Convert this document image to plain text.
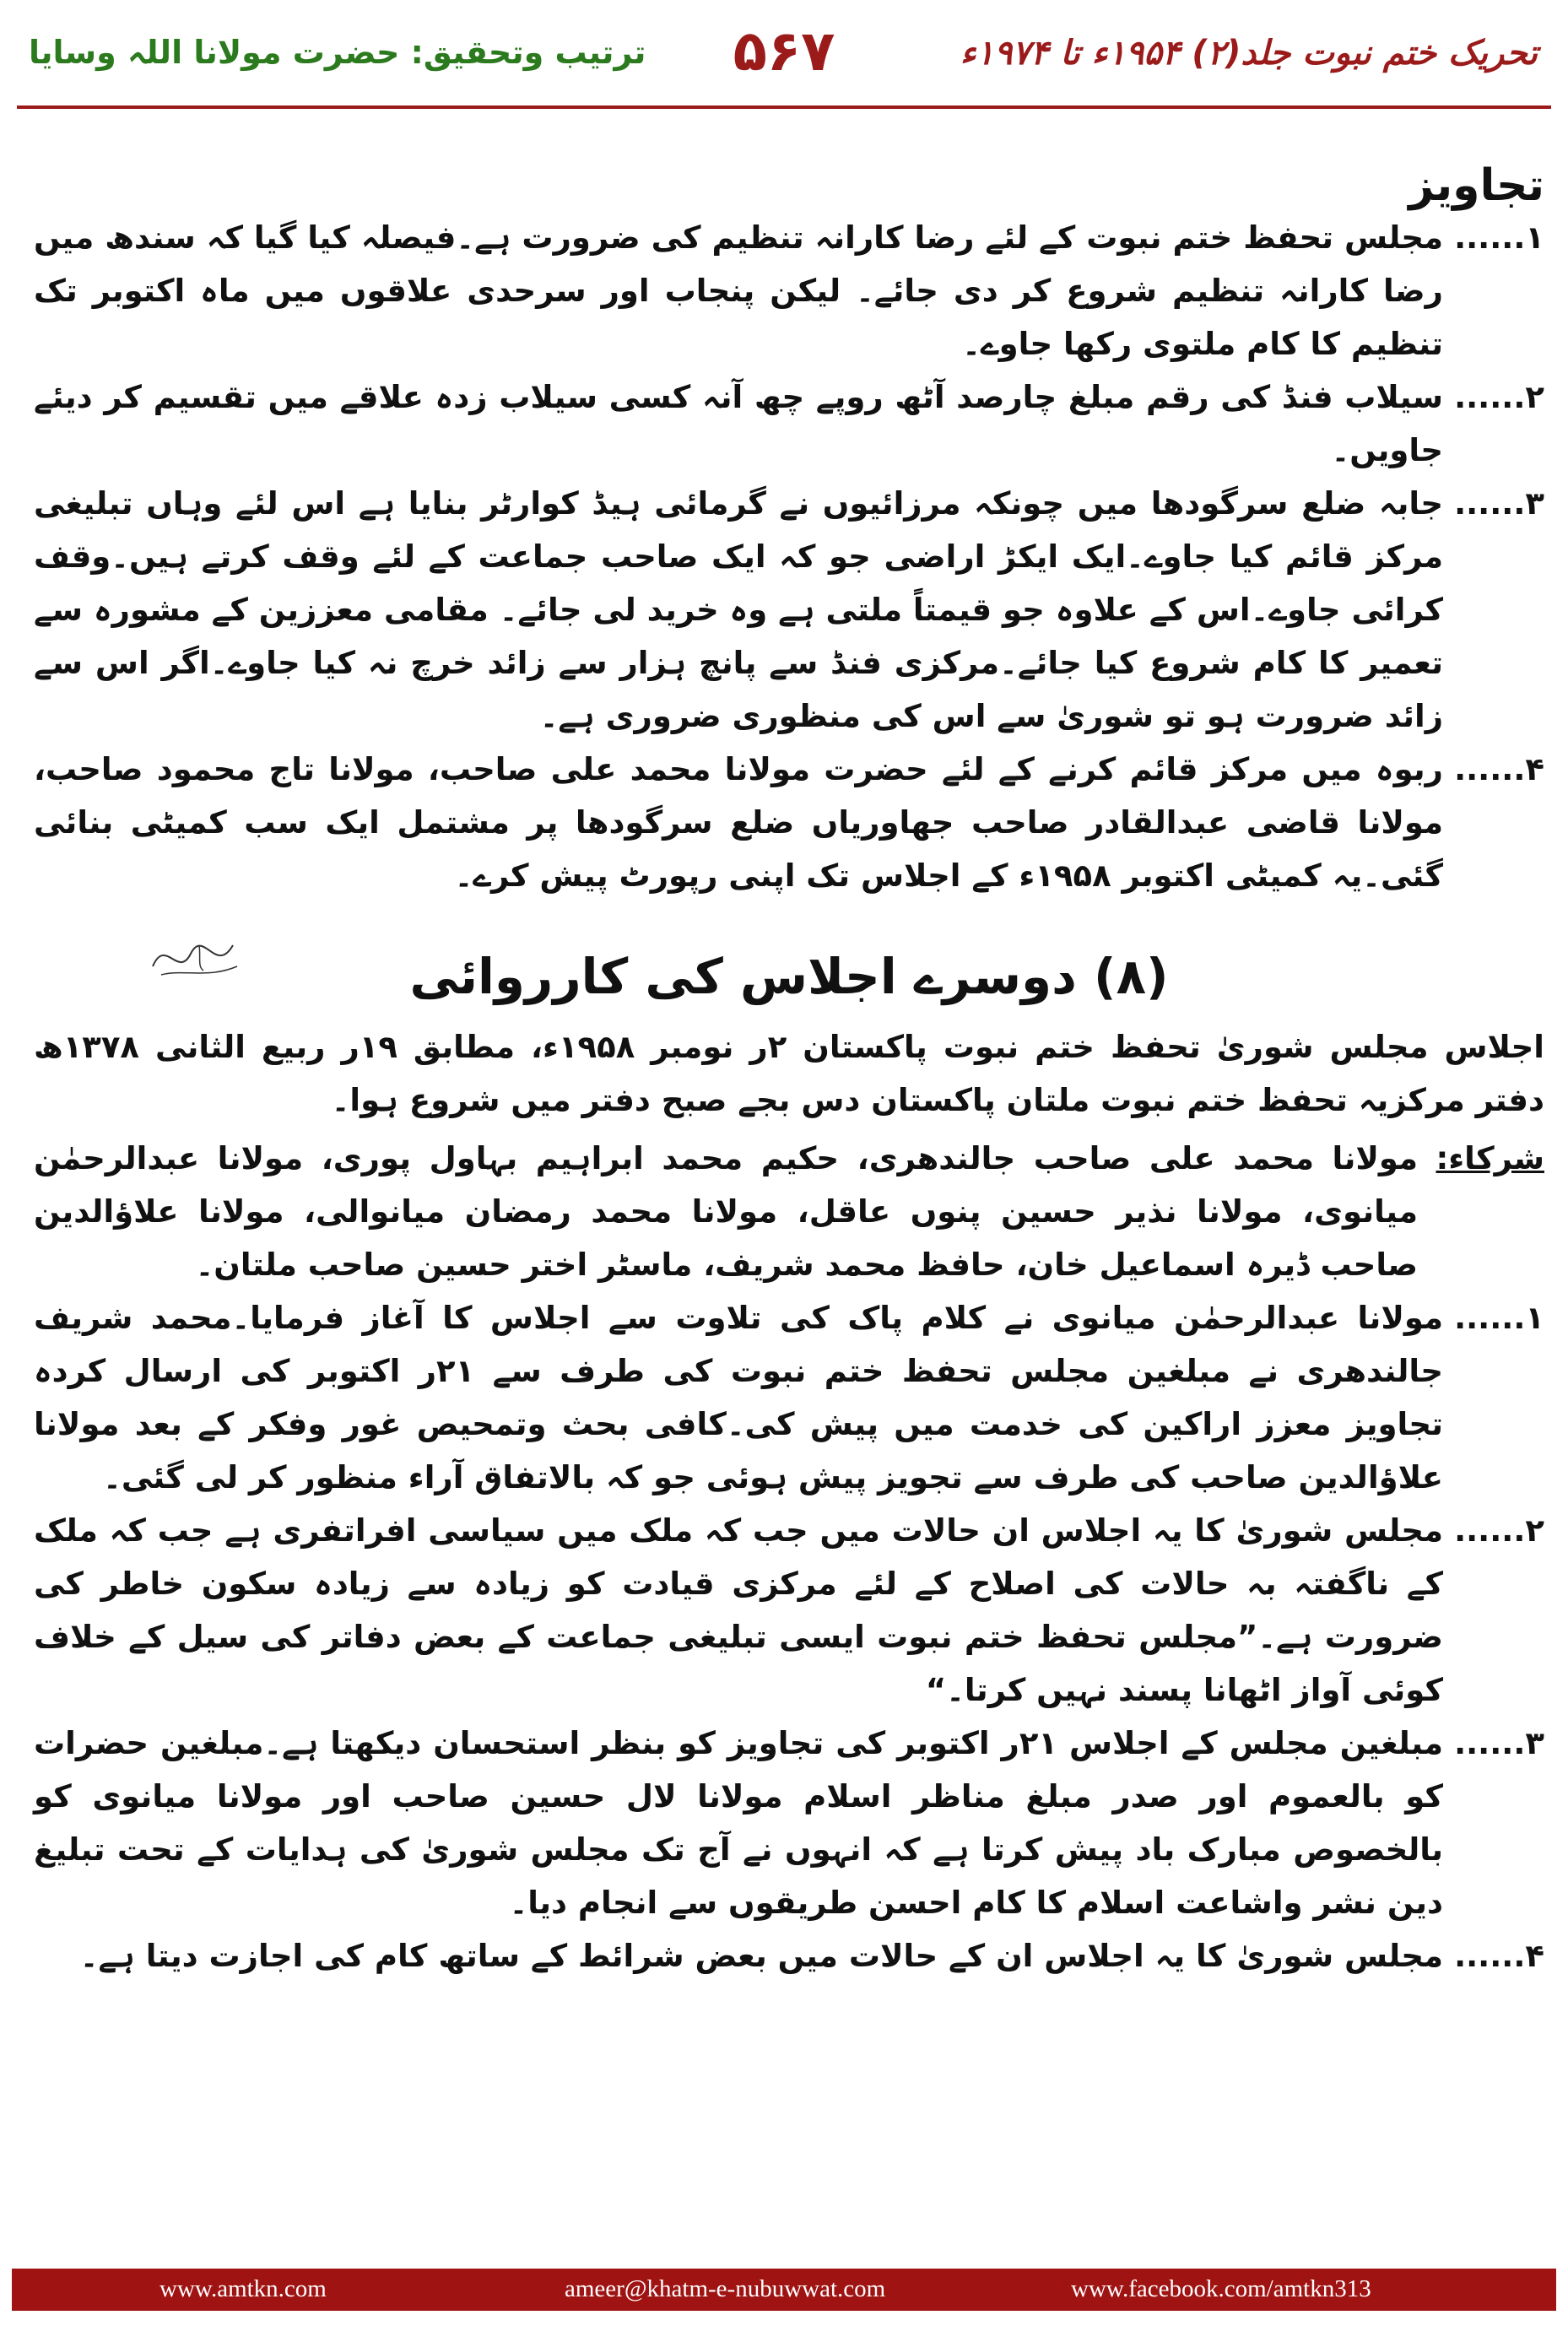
تحریک ختم نبوت جلد(۲) ۱۹۵۴ء تا ۱۹۷۴ء
۵۶۷
ترتیب وتحقیق: حضرت مولانا اللہ وسایا
تجاویز
۱......
مجلس تحفظ ختم نبوت کے لئے رضا کارانہ تنظیم کی ضرورت ہے۔فیصلہ کیا گیا کہ سندھ میں رضا کارانہ تنظیم شروع کر دی جائے۔ لیکن پنجاب اور سرحدی علاقوں میں ماہ اکتوبر تک تنظیم کا کام ملتوی رکھا جاوے۔
۲......
سیلاب فنڈ کی رقم مبلغ چارصد آٹھ روپے چھ آنہ کسی سیلاب زدہ علاقے میں تقسیم کر دیئے جاویں۔
۳......
جابہ ضلع سرگودھا میں چونکہ مرزائیوں نے گرمائی ہیڈ کوارٹر بنایا ہے اس لئے وہاں تبلیغی مرکز قائم کیا جاوے۔ایک ایکڑ اراضی جو کہ ایک صاحب جماعت کے لئے وقف کرتے ہیں۔وقف کرائی جاوے۔اس کے علاوہ جو قیمتاً ملتی ہے وہ خرید لی جائے۔ مقامی معززین کے مشورہ سے تعمیر کا کام شروع کیا جائے۔مرکزی فنڈ سے پانچ ہزار سے زائد خرچ نہ کیا جاوے۔اگر اس سے زائد ضرورت ہو تو شوریٰ سے اس کی منظوری ضروری ہے۔
۴......
ربوہ میں مرکز قائم کرنے کے لئے حضرت مولانا محمد علی صاحب، مولانا تاج محمود صاحب، مولانا قاضی عبدالقادر صاحب جھاوریاں ضلع سرگودھا پر مشتمل ایک سب کمیٹی بنائی گئی۔یہ کمیٹی اکتوبر ۱۹۵۸ء کے اجلاس تک اپنی رپورٹ پیش کرے۔
(۸) دوسرے اجلاس کی کارروائی
اجلاس مجلس شوریٰ تحفظ ختم نبوت پاکستان ۲ر نومبر ۱۹۵۸ء، مطابق ۱۹ر ربیع الثانی ۱۳۷۸ھ دفتر مرکزیہ تحفظ ختم نبوت ملتان پاکستان دس بجے صبح دفتر میں شروع ہوا۔
شرکاء:
مولانا محمد علی صاحب جالندھری، حکیم محمد ابراہیم بہاول پوری، مولانا عبدالرحمٰن میانوی، مولانا نذیر حسین پنوں عاقل، مولانا محمد رمضان میانوالی، مولانا علاؤالدین صاحب ڈیرہ اسماعیل خان، حافظ محمد شریف، ماسٹر اختر حسین صاحب ملتان۔
۱......
مولانا عبدالرحمٰن میانوی نے کلام پاک کی تلاوت سے اجلاس کا آغاز فرمایا۔محمد شریف جالندھری نے مبلغین مجلس تحفظ ختم نبوت کی طرف سے ۲۱ر اکتوبر کی ارسال کردہ تجاویز معزز اراکین کی خدمت میں پیش کی۔کافی بحث وتمحیص غور وفکر کے بعد مولانا علاؤالدین صاحب کی طرف سے تجویز پیش ہوئی جو کہ بالاتفاق آراء منظور کر لی گئی۔
۲......
مجلس شوریٰ کا یہ اجلاس ان حالات میں جب کہ ملک میں سیاسی افراتفری ہے جب کہ ملک کے ناگفتہ بہ حالات کی اصلاح کے لئے مرکزی قیادت کو زیادہ سے زیادہ سکون خاطر کی ضرورت ہے۔”مجلس تحفظ ختم نبوت ایسی تبلیغی جماعت کے بعض دفاتر کی سیل کے خلاف کوئی آواز اٹھانا پسند نہیں کرتا۔“
۳......
مبلغین مجلس کے اجلاس ۲۱ر اکتوبر کی تجاویز کو بنظر استحسان دیکھتا ہے۔مبلغین حضرات کو بالعموم اور صدر مبلغ مناظر اسلام مولانا لال حسین صاحب اور مولانا میانوی کو بالخصوص مبارک باد پیش کرتا ہے کہ انہوں نے آج تک مجلس شوریٰ کی ہدایات کے تحت تبلیغ دین نشر واشاعت اسلام کا کام احسن طریقوں سے انجام دیا۔
۴......
مجلس شوریٰ کا یہ اجلاس ان کے حالات میں بعض شرائط کے ساتھ کام کی اجازت دیتا ہے۔
www.amtkn.com	ameer@khatm-e-nubuwwat.com	www.facebook.com/amtkn313
